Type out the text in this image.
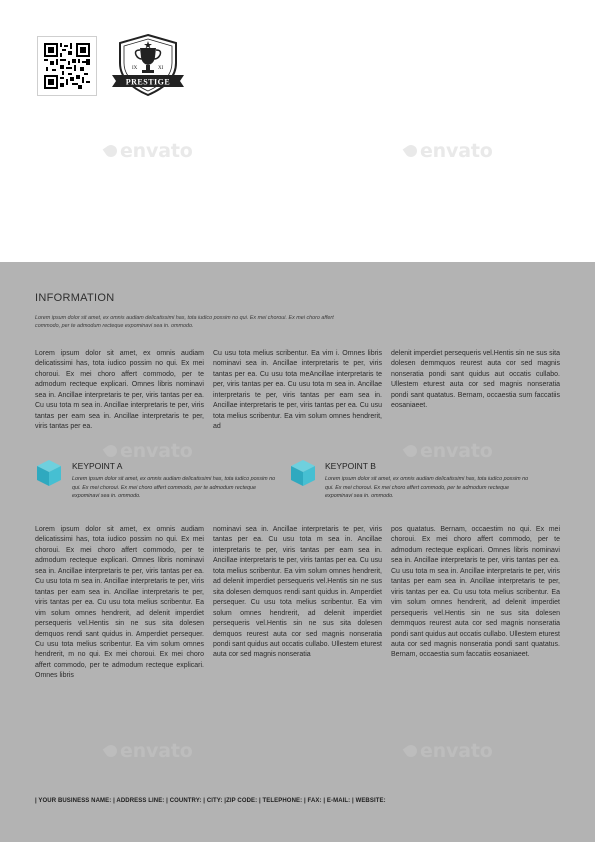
IX	XI
PRESTIGE
envato	envato
envato	envato
envato	envato
INFORMATION
Lorem ipsum dolor sit amet, ex omnis audiam delicatissimi has, tota iudico possim no qui. Ex mei choroui. Ex mei choro affert commodo, per te admodum recteque expominavi sea in. ommodo.
Lorem ipsum dolor sit amet, ex omnis audiam delicatissimi has, tota iudico possim no qui. Ex mei choroui. Ex mei choro affert commodo, per te admodum recteque explicari. Omnes libris nominavi sea in. Ancillae interpretaris te per, viris tantas per ea. Cu usu tota m sea in. Ancillae interpretaris te per, viris tantas per eam sea in. Ancillae interpretaris te per, viris tantas per ea.
Cu usu tota melius scribentur. Ea vim i. Omnes libris nominavi sea in. Ancillae interpretaris te per, viris tantas per ea. Cu usu tota meAncillae interpretaris te per, viris tantas per ea. Cu usu tota m sea in. Ancillae interpretaris te per, viris tantas per eam sea in. Ancillae interpretaris te per, viris tantas per ea. Cu usu tota melius scribentur. Ea vim solum omnes hendrerit, ad
delenit imperdiet persequeris vel.Hentis sin ne sus sita dolesen demmquos reurest auta cor sed magnis nonseratia pondi sant quidus aut occatis cullabo. Ullestem eturest auta cor sed magnis nonseratia pondi sant quatatus. Bernam, occaestia sum faccatiis eosaniaeet.
KEYPOINT A
Lorem ipsum dolor sit amet, ex omnis audiam delicatissimi has, tota iudico possim no qui. Ex mei choroui. Ex mei choro affert commodo, per te admodum recteque expominavi sea in. ommodo.
KEYPOINT B
Lorem ipsum dolor sit amet, ex omnis audiam delicatissimi has, tota iudico possim no qui. Ex mei choroui. Ex mei choro affert commodo, per te admodum recteque expominavi sea in. ommodo.
Lorem ipsum dolor sit amet, ex omnis audiam delicatissimi has, tota iudico possim no qui. Ex mei choroui. Ex mei choro affert commodo, per te admodum recteque explicari. Omnes libris nominavi sea in. Ancillae interpretaris te per, viris tantas per ea. Cu usu tota m sea in. Ancillae interpretaris te per, viris tantas per eam sea in. Ancillae interpretaris te per, viris tantas per ea. Cu usu tota melius scribentur. Ea vim solum omnes hendrerit, ad delenit imperdiet persequeris vel.Hentis sin ne sus sita dolesen demquos rendi sant quidus in. Amperdiet persequer. Cu usu tota melius scribentur. Ea vim solum omnes hendrerit, m no qui. Ex mei choroui. Ex mei choro affert commodo, per te admodum recteque explicari. Omnes libris
nominavi sea in. Ancillae interpretaris te per, viris tantas per ea. Cu usu tota m sea in. Ancillae interpretaris te per, viris tantas per eam sea in. Ancillae interpretaris te per, viris tantas per ea. Cu usu tota melius scribentur. Ea vim solum omnes hendrerit, ad delenit imperdiet persequeris vel.Hentis sin ne sus sita dolesen demquos rendi sant quidus in. Amperdiet persequer. Cu usu tota melius scribentur. Ea vim solum omnes hendrerit, ad delenit imperdiet persequeris vel.Hentis sin ne sus sita dolesen demquos reurest auta cor sed magnis nonseratia pondi sant quidus aut occatis cullabo. Ullestem eturest auta cor sed magnis nonseratia
pos quatatus. Bernam, occaestim no qui. Ex mei choroui. Ex mei choro affert commodo, per te admodum recteque explicari. Omnes libris nominavi sea in. Ancillae interpretaris te per, viris tantas per ea. Cu usu tota m sea in. Ancillae interpretaris te per, viris tantas per eam sea in. Ancillae interpretaris te per, viris tantas per ea. Cu usu tota melius scribentur. Ea vim solum omnes hendrerit, ad delenit imperdiet persequeris vel.Hentis sin ne sus sita dolesen demmquos reurest auta cor sed magnis nonseratia pondi sant quidus aut occatis cullabo. Ullestem eturest auta cor sed magnis nonseratia pondi sant quatatus. Bernam, occaestia sum faccatiis eosaniaeet.
| YOUR BUSINESS NAME: | ADDRESS LINE: | COUNTRY: | CITY: |ZIP CODE: | TELEPHONE: | FAX: | E-MAIL: | WEBSITE:
